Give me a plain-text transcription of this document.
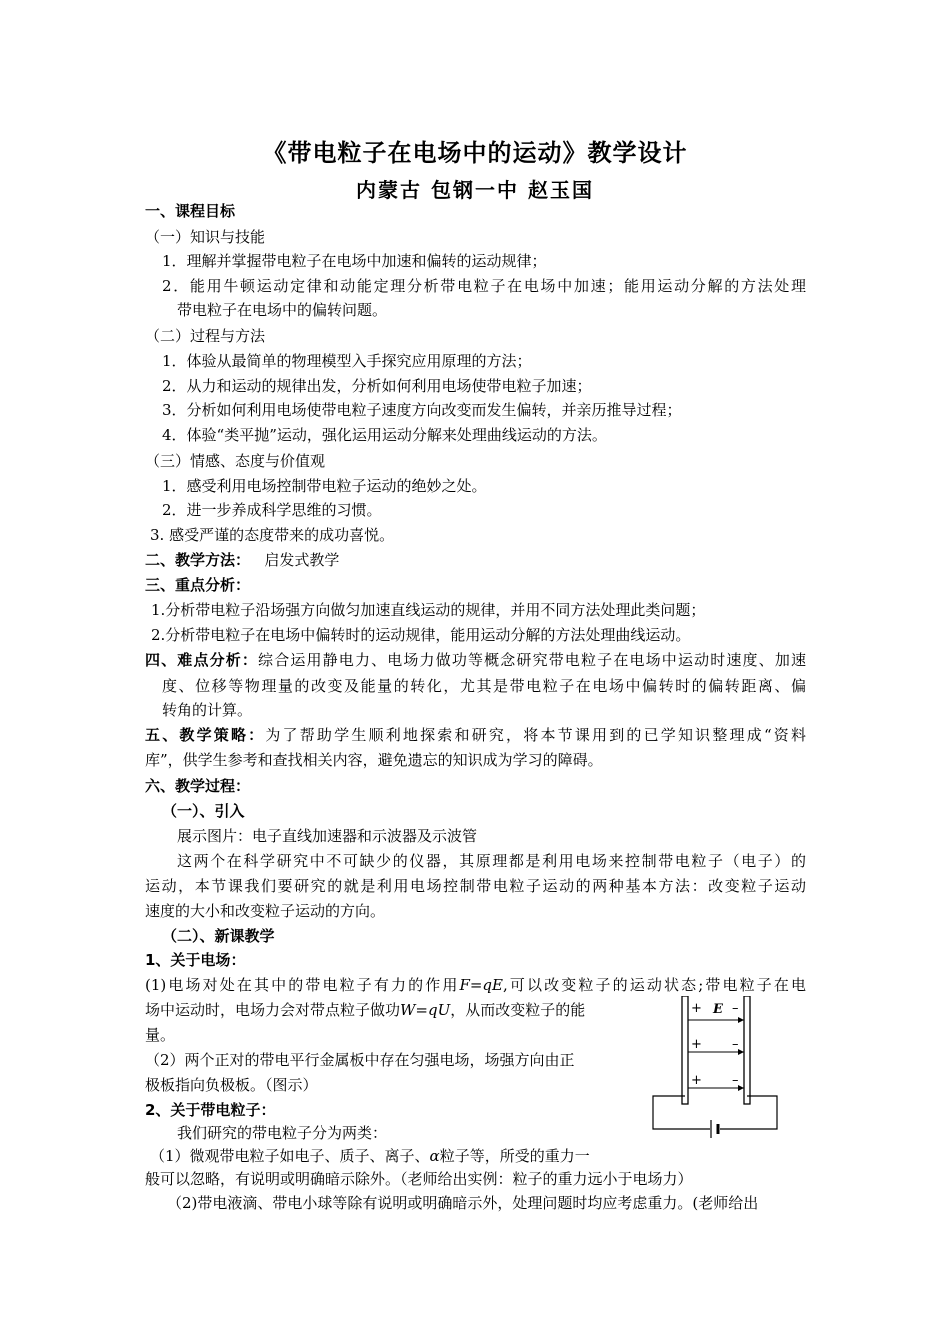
《带电粒子在电场中的运动》教学设计
内蒙古 包钢一中 赵玉国
一、课程目标
（一）知识与技能
1．理解并掌握带电粒子在电场中加速和偏转的运动规律；
2．能用牛顿运动定律和动能定理分析带电粒子在电场中加速；能用运动分解的方法处理
带电粒子在电场中的偏转问题。
（二）过程与方法
1．体验从最简单的物理模型入手探究应用原理的方法；
2．从力和运动的规律出发，分析如何利用电场使带电粒子加速；
3．分析如何利用电场使带电粒子速度方向改变而发生偏转，并亲历推导过程；
4．体验“类平抛”运动，强化运用运动分解来处理曲线运动的方法。
（三）情感、态度与价值观
1．感受利用电场控制带电粒子运动的绝妙之处。
2．进一步养成科学思维的习惯。
3. 感受严谨的态度带来的成功喜悦。
二、教学方法： 启发式教学
三、重点分析：
1.分析带电粒子沿场强方向做匀加速直线运动的规律，并用不同方法处理此类问题；
2.分析带电粒子在电场中偏转时的运动规律，能用运动分解的方法处理曲线运动。
四、难点分析：综合运用静电力、电场力做功等概念研究带电粒子在电场中运动时速度、加速
度、位移等物理量的改变及能量的转化，尤其是带电粒子在电场中偏转时的偏转距离、偏
转角的计算。
五、教学策略：为了帮助学生顺利地探索和研究，将本节课用到的已学知识整理成“资料
库”，供学生参考和查找相关内容，避免遗忘的知识成为学习的障碍。
六、教学过程：
（一）、引入
展示图片：电子直线加速器和示波器及示波管
这两个在科学研究中不可缺少的仪器，其原理都是利用电场来控制带电粒子（电子）的
运动，本节课我们要研究的就是利用电场控制带电粒子运动的两种基本方法：改变粒子运动
速度的大小和改变粒子运动的方向。
（二）、新课教学
1、关于电场：
(1)电场对处在其中的带电粒子有力的作用F=qE,可以改变粒子的运动状态;带电粒子在电
场中运动时，电场力会对带点粒子做功W=qU，从而改变粒子的能
量。
（2）两个正对的带电平行金属板中存在匀强电场，场强方向由正
极板指向负极板。（图示）
2、关于带电粒子：
我们研究的带电粒子分为两类：
（1）微观带电粒子如电子、质子、离子、α粒子等，所受的重力一
般可以忽略，有说明或明确暗示除外。（老师给出实例：粒子的重力远小于电场力）
（2)带电液滴、带电小球等除有说明或明确暗示外，处理问题时均应考虑重力。(老师给出
+
+
+
–
–
–
E
